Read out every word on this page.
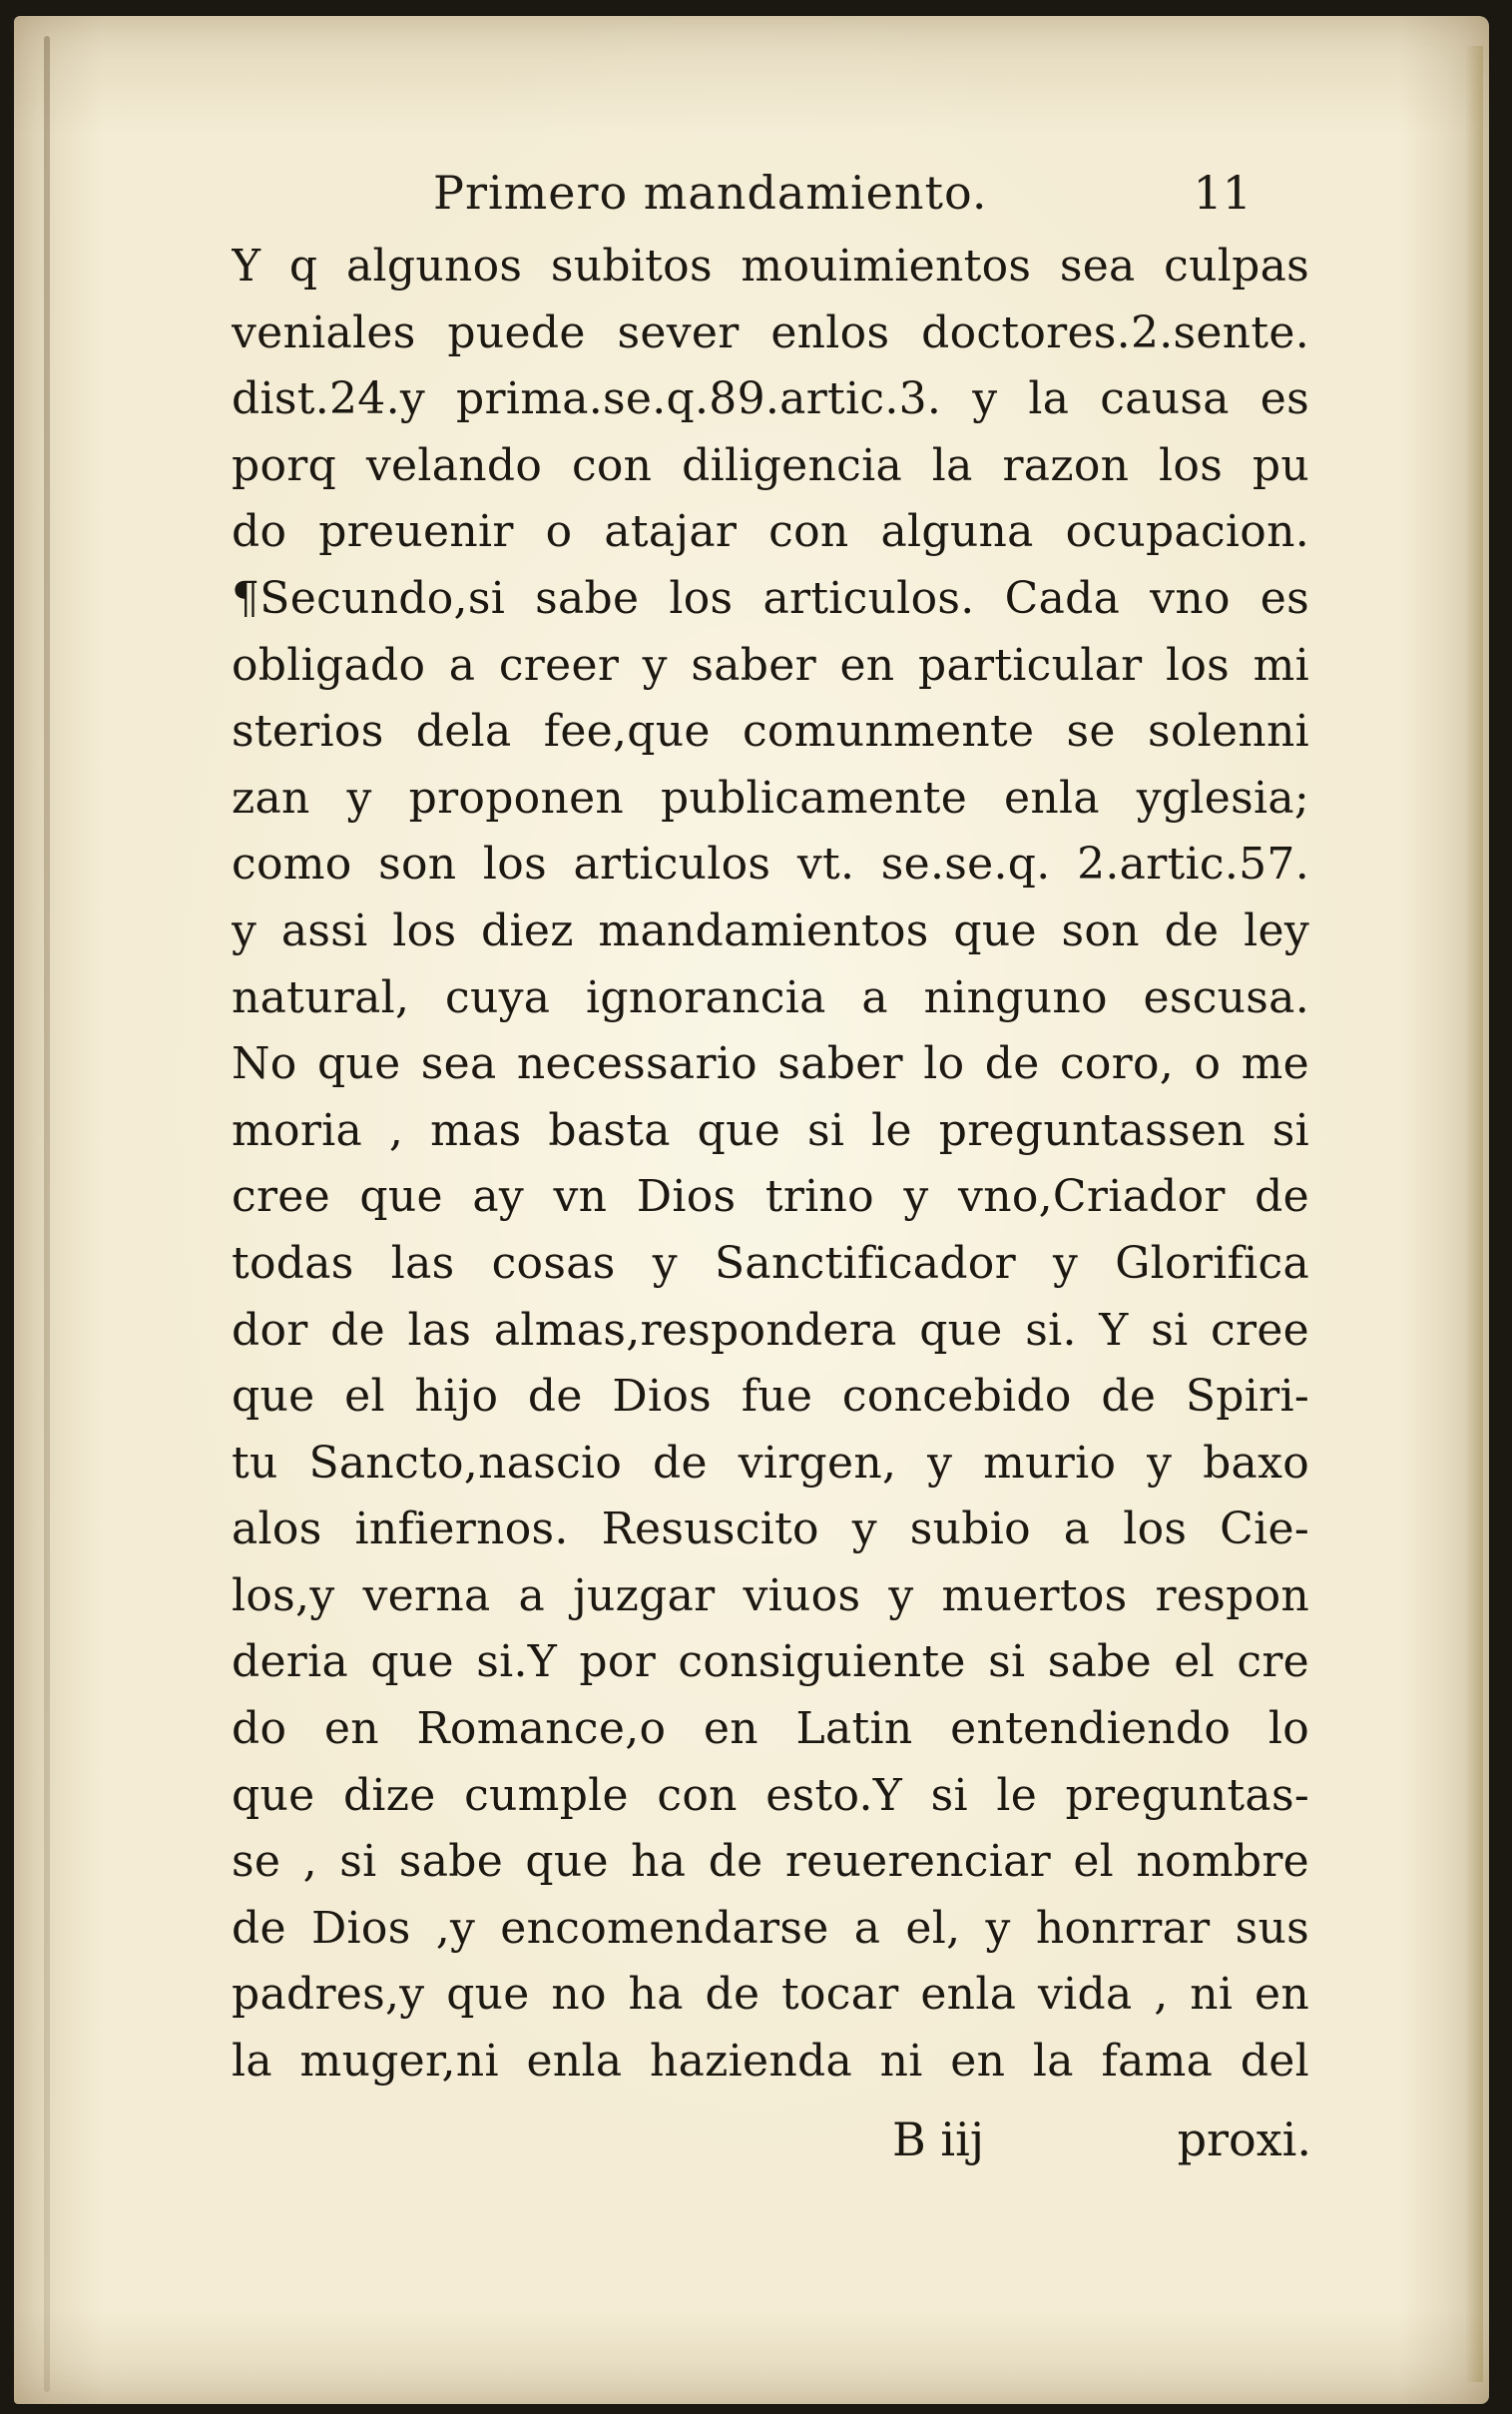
Primero mandamiento.	11
Y q algunos subitos mouimientos sea culpas
veniales puede sever enlos doctores.2.sente.
dist.24.y prima.se.q.89.artic.3. y la causa es
porq velando con diligencia la razon los pu
do preuenir o atajar con alguna ocupacion.
¶Secundo,si sabe los articulos. Cada vno es
obligado a creer y saber en particular los mi
sterios dela fee,que comunmente se solenni
zan y proponen publicamente enla yglesia;
como son los articulos vt. se.se.q. 2.artic.57.
y assi los diez mandamientos que son de ley
natural, cuya ignorancia a ninguno escusa.
No que sea necessario saber lo de coro, o me
moria , mas basta que si le preguntassen si
cree que ay vn Dios trino y vno,Criador de
todas las cosas y Sanctificador y Glorifica
dor de las almas,respondera que si. Y si cree
que el hijo de Dios fue concebido de Spiri-
tu Sancto,nascio de virgen, y murio y baxo
alos infiernos. Resuscito y subio a los Cie-
los,y verna a juzgar viuos y muertos respon
deria que si.Y por consiguiente si sabe el cre
do en Romance,o en Latin entendiendo lo
que dize cumple con esto.Y si le preguntas-
se , si sabe que ha de reuerenciar el nombre
de Dios ,y encomendarse a el, y honrrar sus
padres,y que no ha de tocar enla vida , ni en
la muger,ni enla hazienda ni en la fama del
B iij	proxi.
